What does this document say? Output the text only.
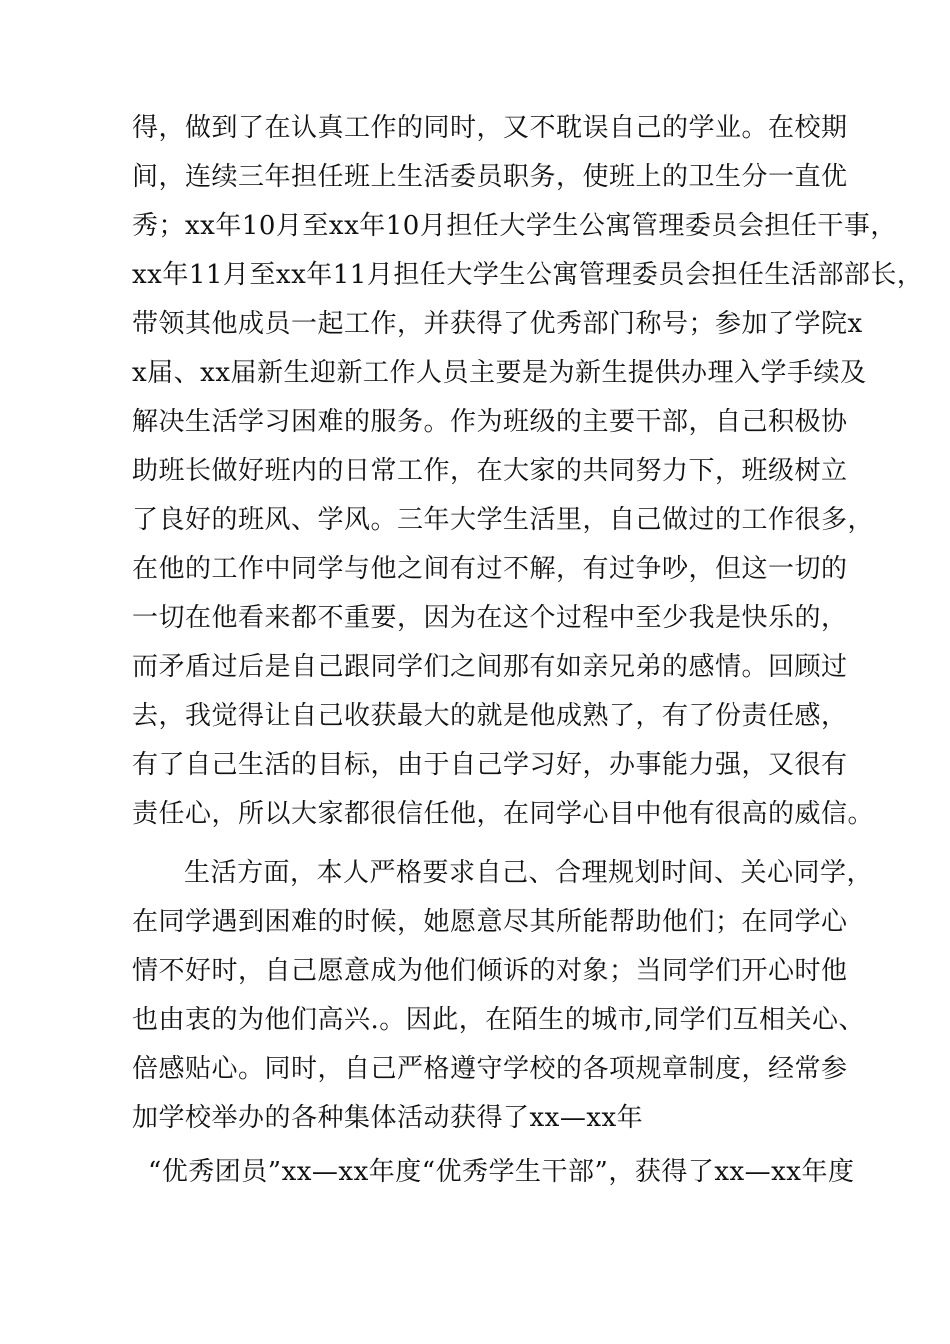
得，做到了在认真工作的同时，又不耽误自己的学业。在校期
间，连续三年担任班上生活委员职务，使班上的卫生分一直优
秀；xx年10月至xx年10月担任大学生公寓管理委员会担任干事，
xx年11月至xx年11月担任大学生公寓管理委员会担任生活部部长，
带领其他成员一起工作，并获得了优秀部门称号；参加了学院x
x届、xx届新生迎新工作人员主要是为新生提供办理入学手续及
解决生活学习困难的服务。作为班级的主要干部，自己积极协
助班长做好班内的日常工作，在大家的共同努力下，班级树立
了良好的班风、学风。三年大学生活里，自己做过的工作很多，
在他的工作中同学与他之间有过不解，有过争吵，但这一切的
一切在他看来都不重要，因为在这个过程中至少我是快乐的，
而矛盾过后是自己跟同学们之间那有如亲兄弟的感情。回顾过
去，我觉得让自己收获最大的就是他成熟了，有了份责任感，
有了自己生活的目标，由于自己学习好，办事能力强，又很有
责任心，所以大家都很信任他，在同学心目中他有很高的威信。
生活方面，本人严格要求自己、合理规划时间、关心同学，
在同学遇到困难的时候，她愿意尽其所能帮助他们；在同学心
情不好时，自己愿意成为他们倾诉的对象；当同学们开心时他
也由衷的为他们高兴.。因此，在陌生的城市,同学们互相关心、
倍感贴心。同时，自己严格遵守学校的各项规章制度，经常参
加学校举办的各种集体活动获得了xx—xx年
“优秀团员”xx—xx年度“优秀学生干部”，获得了xx—xx年度
